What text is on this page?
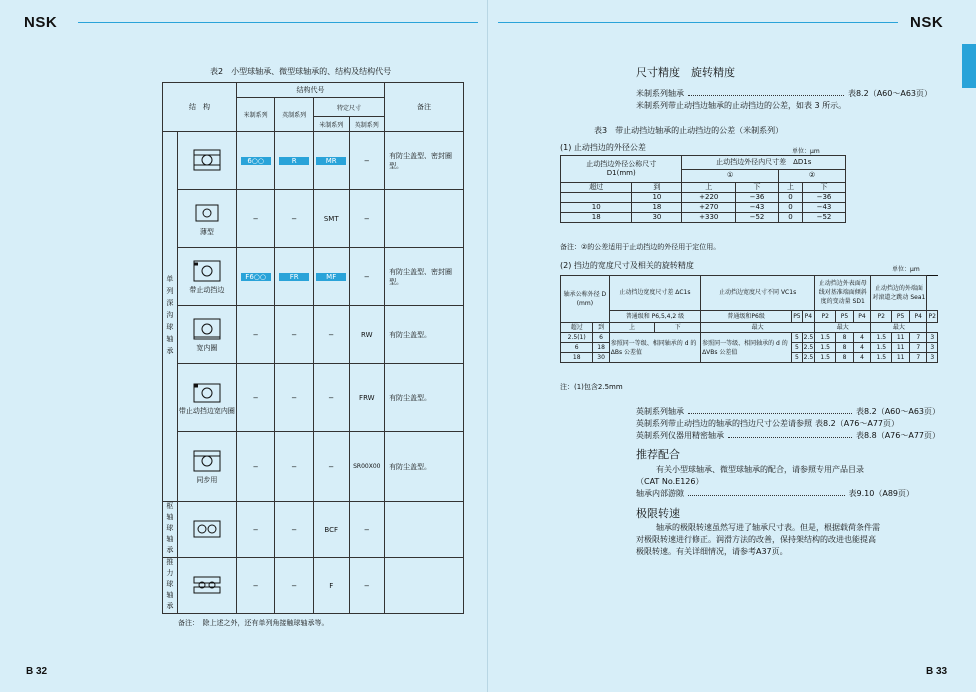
NSK	NSK
表2　小型球轴承、微型球轴承的、结构及结构代号
结　构		结构代号				备注
		米制系列	英制系列	特定尺寸		
				米制系列	英制系列	

单列深沟球轴承		6○○	R	MR	−	有防尘盖型、密封圈型。

	薄型	−	−	SMT	−	

	带止动挡边	F6○○	FR	MF	−	有防尘盖型、密封圈型。

	宽内圈	−	−	−	RW	有防尘盖型。

	带止动挡边宽内圈	−	−	−	FRW	有防尘盖型。

	同步用	−	−	−	SR00X00	有防尘盖型。

枢轴球轴承		−	−	BCF	−	

推力球轴承		−	−	F	−	
备注：　除上述之外，还有单列角接触球轴承等。
尺寸精度　旋转精度
米制系列轴承	表8.2（A60～A63页）
米制系列带止动挡边轴承的止动挡边的公差，如表 3 所示。
表3　带止动挡边轴承的止动挡边的公差（米制系列）
(1) 止动挡边的外径公差	单位：μm
止动挡边外径公称尺寸
D1(mm)		止动挡边外径内尺寸差　ΔD1s			
		①		②	
超过	到	上	下	上	下
	10	+220	−36	0	−36
10	18	+270	−43	0	−43
18	30	+330	−52	0	−52
备注：②的公差适用于止动挡边的外径用于定位用。
(2) 挡边的宽度尺寸及相关的旋转精度	单位：μm
轴承公称外径 D (mm)		止动挡边宽度尺寸差 ΔC1s		止动挡边宽度尺寸不同 VC1s			止动挡边外表面母线对基准端面倾斜度的变动量 SD1			止动挡边的外端面对滚道之跳动 Sea1			
		普通级和 P6,5,4,2 级		普通级和P6级	P5	P4	P2	P5	P4	P2	P5	P4	P2
超过	到	上	下	最大			最大			最大			
2.5(1)	6	参照同一等级、相同轴承的 d 的 ΔBs 公差值		参照同一等级、相同轴承的 d 的 ΔVBs 公差值	5	2.5	1.5	8	4	1.5	11	7	3
6	18				5	2.5	1.5	8	4	1.5	11	7	3
18	30				5	2.5	1.5	8	4	1.5	11	7	3
注：(1)包含2.5mm
英制系列轴承	表8.2（A60～A63页）
英制系列带止动挡边的轴承的挡边尺寸公差请参照 表8.2（A76～A77页）
英制系列仪器用精密轴承	表8.8（A76～A77页）
推荐配合
有关小型球轴承、微型球轴承的配合，请参照专用产品目录
（CAT No.E126）
轴承内部游隙	表9.10（A89页）
极限转速
轴承的极限转速虽然写进了轴承尺寸表。但是，根据载荷条件需
对极限转速进行修正。润滑方法的改善，保持架结构的改进也能提高
极限转速。有关详细情况，请参考A37页。
B 32	B 33
